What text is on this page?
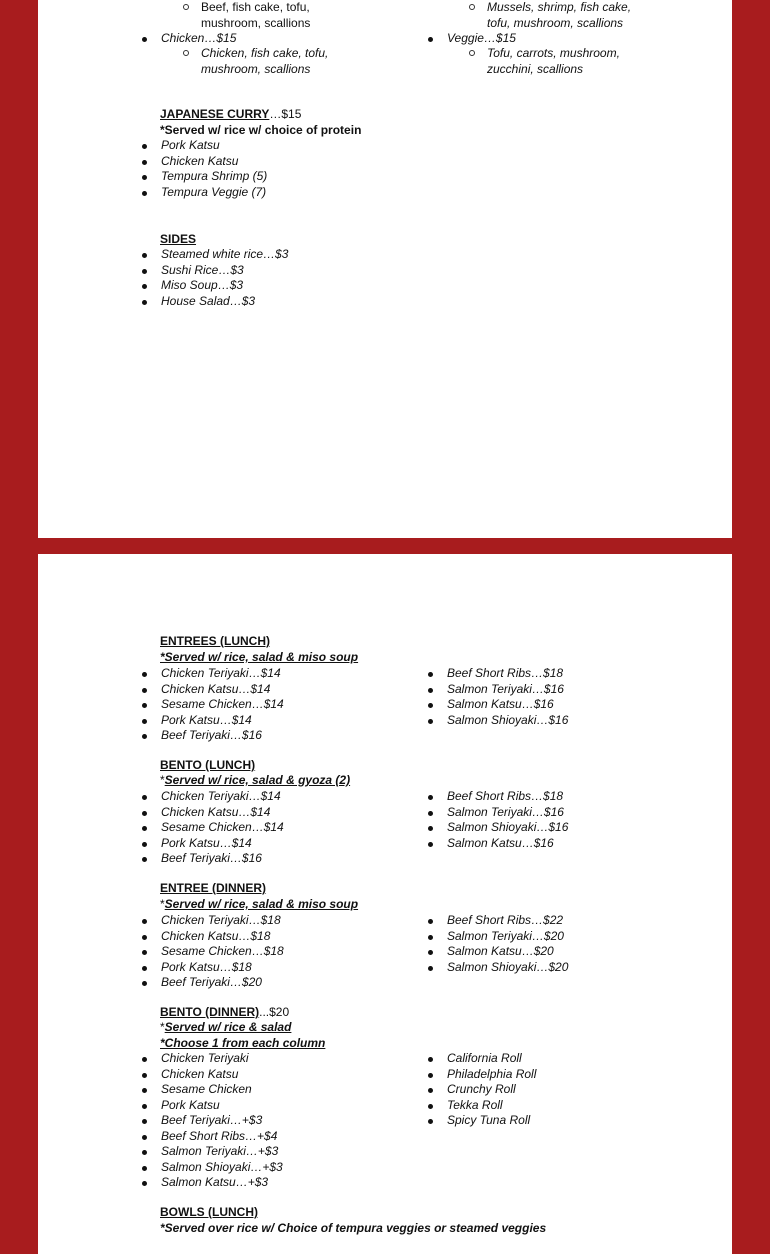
Beef, fish cake, tofu,
mushroom, scallions
Chicken…$15
Chicken, fish cake, tofu,
mushroom, scallions
Mussels, shrimp, fish cake,
tofu, mushroom, scallions
Veggie…$15
Tofu, carrots, mushroom,
zucchini, scallions
JAPANESE CURRY…$15
*Served w/ rice w/ choice of protein
Pork Katsu
Chicken Katsu
Tempura Shrimp (5)
Tempura Veggie (7)
SIDES
Steamed white rice…$3
Sushi Rice…$3
Miso Soup…$3
House Salad…$3
ENTREES (LUNCH)
*Served w/ rice, salad & miso soup
Chicken Teriyaki…$14
Chicken Katsu…$14
Sesame Chicken…$14
Pork Katsu…$14
Beef Teriyaki…$16
Beef Short Ribs…$18
Salmon Teriyaki…$16
Salmon Katsu…$16
Salmon Shioyaki…$16
BENTO (LUNCH)
*Served w/ rice, salad & gyoza (2)
Chicken Teriyaki…$14
Chicken Katsu…$14
Sesame Chicken…$14
Pork Katsu…$14
Beef Teriyaki…$16
Beef Short Ribs…$18
Salmon Teriyaki…$16
Salmon Shioyaki…$16
Salmon Katsu…$16
ENTREE (DINNER)
*Served w/ rice, salad & miso soup
Chicken Teriyaki…$18
Chicken Katsu…$18
Sesame Chicken…$18
Pork Katsu…$18
Beef Teriyaki…$20
Beef Short Ribs…$22
Salmon Teriyaki…$20
Salmon Katsu…$20
Salmon Shioyaki…$20
BENTO (DINNER)...$20
*Served w/ rice & salad
*Choose 1 from each column
Chicken Teriyaki
Chicken Katsu
Sesame Chicken
Pork Katsu
Beef Teriyaki…+$3
Beef Short Ribs…+$4
Salmon Teriyaki…+$3
Salmon Shioyaki…+$3
Salmon Katsu…+$3
California Roll
Philadelphia Roll
Crunchy Roll
Tekka Roll
Spicy Tuna Roll
BOWLS (LUNCH)
*Served over rice w/ Choice of tempura veggies or steamed veggies
